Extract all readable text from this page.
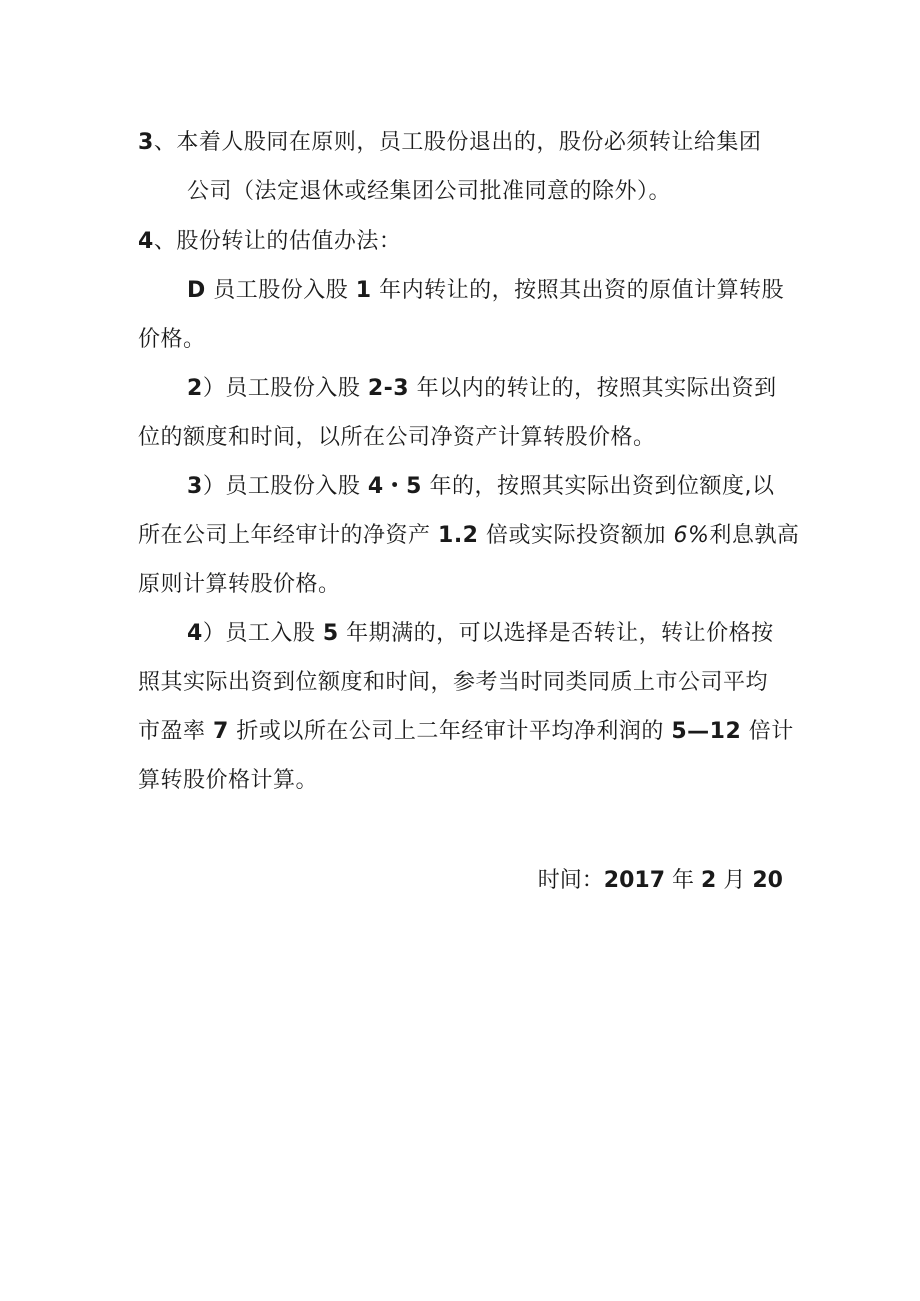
3、本着人股同在原则，员工股份退出的，股份必须转让给集团
公司（法定退休或经集团公司批准同意的除外）。
4、股份转让的估值办法：
D 员工股份入股 1 年内转让的，按照其出资的原值计算转股
价格。
2）员工股份入股 2-3 年以内的转让的，按照其实际出资到
位的额度和时间，以所在公司净资产计算转股价格。
3）员工股份入股 4・5 年的，按照其实际出资到位额度,以
所在公司上年经审计的净资产 1.2 倍或实际投资额加 6%利息孰高
原则计算转股价格。
4）员工入股 5 年期满的，可以选择是否转让，转让价格按
照其实际出资到位额度和时间，参考当时同类同质上市公司平均
市盈率 7 折或以所在公司上二年经审计平均净利润的 5—12 倍计
算转股价格计算。
时间：2017 年 2 月 20
